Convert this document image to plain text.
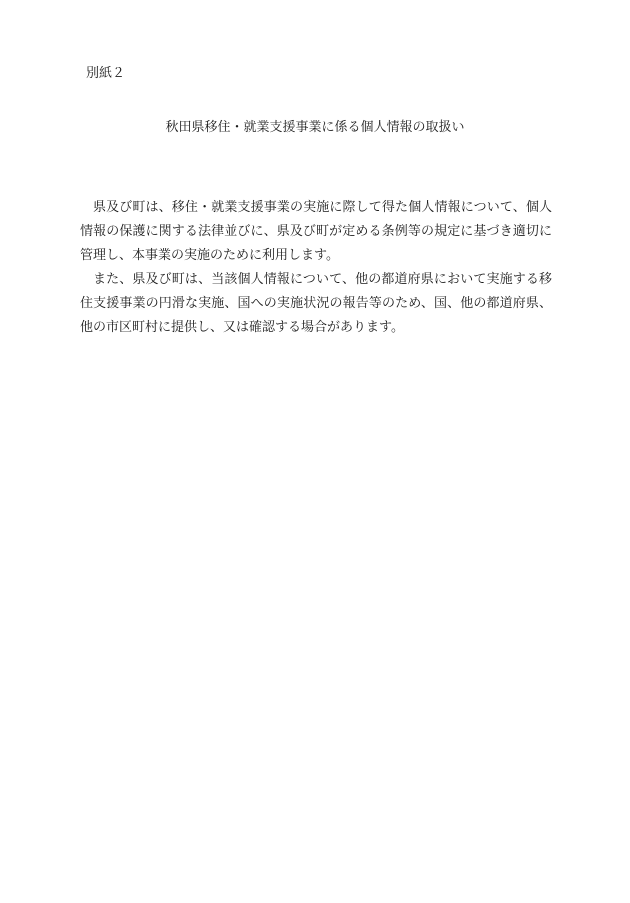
別紙２
秋田県移住・就業支援事業に係る個人情報の取扱い

県及び町は、移住・就業支援事業の実施に際して得た個人情報について、個人情報の保護に関する法律並びに、県及び町が定める条例等の規定に基づき適切に管理し、本事業の実施のために利用します。

また、県及び町は、当該個人情報について、他の都道府県において実施する移住支援事業の円滑な実施、国への実施状況の報告等のため、国、他の都道府県、他の市区町村に提供し、又は確認する場合があります。
